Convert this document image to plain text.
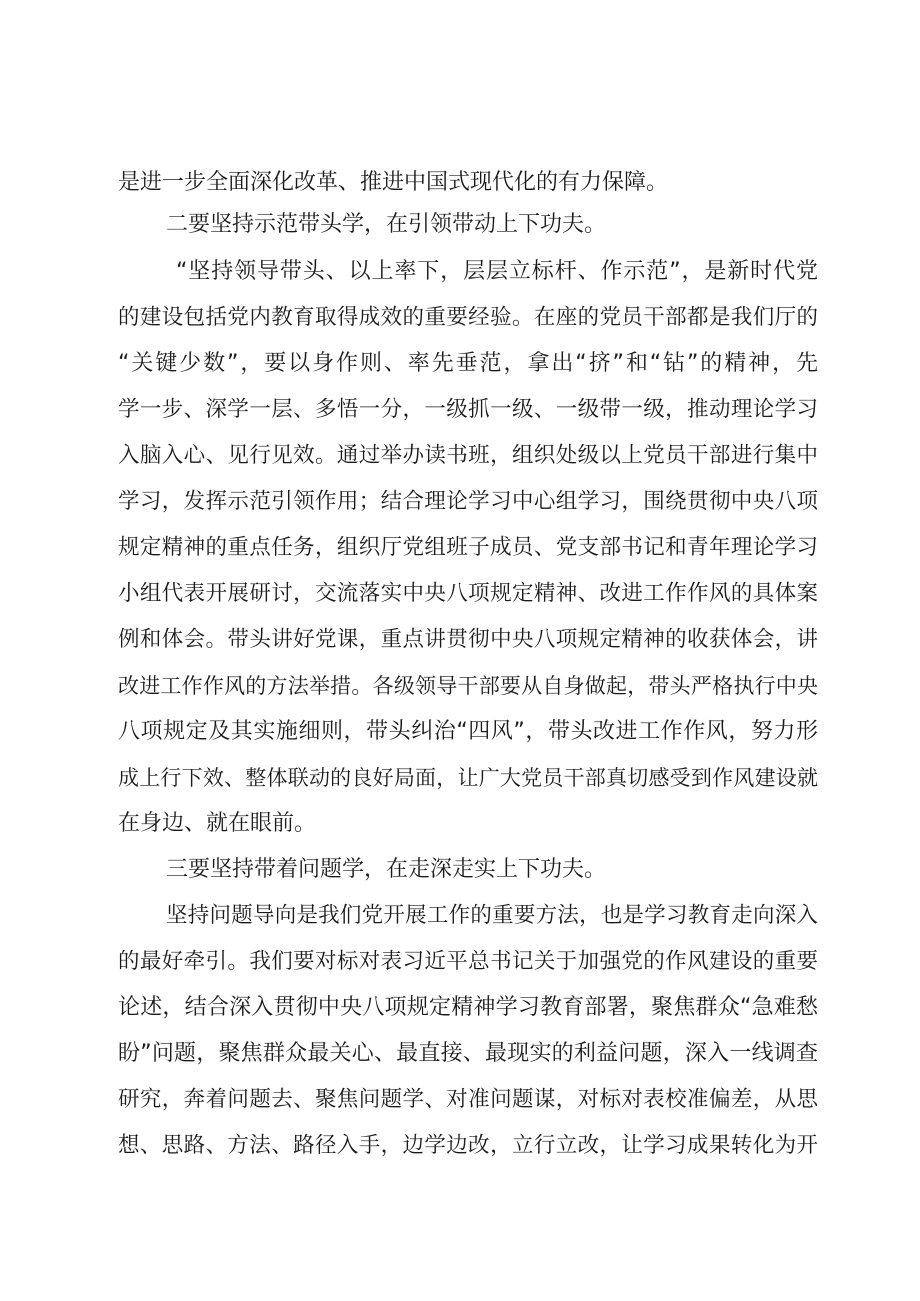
是进一步全面深化改革、推进中国式现代化的有力保障。
二要坚持示范带头学，在引领带动上下功夫。
“坚持领导带头、以上率下，层层立标杆、作示范”，是新时代党
的建设包括党内教育取得成效的重要经验。在座的党员干部都是我们厅的
“关键少数”，要以身作则、率先垂范，拿出“挤”和“钻”的精神，先
学一步、深学一层、多悟一分，一级抓一级、一级带一级，推动理论学习
入脑入心、见行见效。通过举办读书班，组织处级以上党员干部进行集中
学习，发挥示范引领作用；结合理论学习中心组学习，围绕贯彻中央八项
规定精神的重点任务，组织厅党组班子成员、党支部书记和青年理论学习
小组代表开展研讨，交流落实中央八项规定精神、改进工作作风的具体案
例和体会。带头讲好党课，重点讲贯彻中央八项规定精神的收获体会，讲
改进工作作风的方法举措。各级领导干部要从自身做起，带头严格执行中央
八项规定及其实施细则，带头纠治“四风”，带头改进工作作风，努力形
成上行下效、整体联动的良好局面，让广大党员干部真切感受到作风建设就
在身边、就在眼前。
三要坚持带着问题学，在走深走实上下功夫。
坚持问题导向是我们党开展工作的重要方法，也是学习教育走向深入
的最好牵引。我们要对标对表习近平总书记关于加强党的作风建设的重要
论述，结合深入贯彻中央八项规定精神学习教育部署，聚焦群众“急难愁
盼”问题，聚焦群众最关心、最直接、最现实的利益问题，深入一线调查
研究，奔着问题去、聚焦问题学、对准问题谋，对标对表校准偏差，从思
想、思路、方法、路径入手，边学边改，立行立改，让学习成果转化为开
